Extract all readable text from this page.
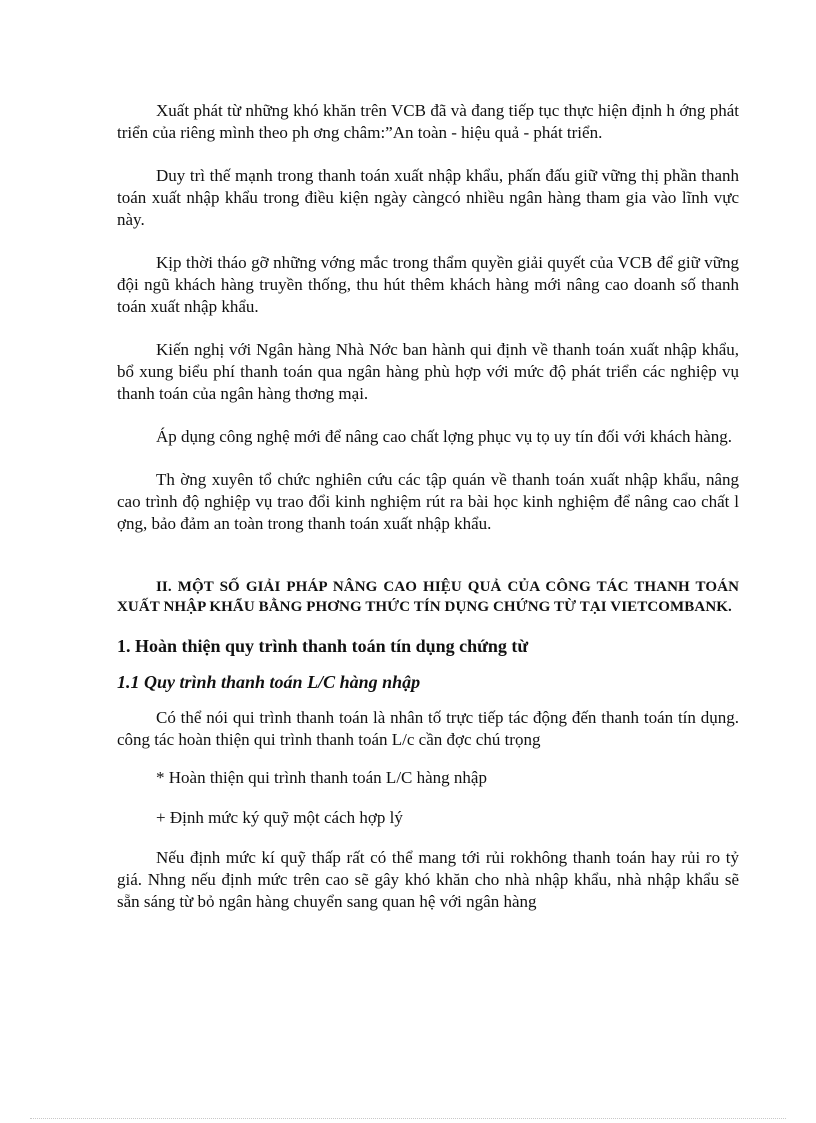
Xuất phát từ những khó khăn trên VCB đã và đang tiếp tục thực hiện định h ớng phát triển của riêng mình theo ph ơng châm:”An toàn - hiệu quả - phát triển.

Duy trì thế mạnh trong thanh toán xuất nhập khẩu, phấn đấu giữ vững thị phần thanh toán xuất nhập khẩu trong điều kiện ngày càngcó nhiều ngân hàng tham gia vào lĩnh vực này.

Kịp thời tháo gỡ những vớng mắc trong thẩm quyền giải quyết của VCB để giữ vững đội ngũ khách hàng truyền thống, thu hút thêm khách hàng mới nâng cao doanh số thanh toán xuất nhập khẩu.

Kiến nghị với Ngân hàng Nhà Nớc ban hành qui định về thanh toán xuất nhập khẩu, bổ xung biểu phí thanh toán qua ngân hàng phù hợp với mức độ phát triển các nghiệp vụ thanh toán của ngân hàng thơng mại.

Áp dụng công nghệ mới để nâng cao chất lợng phục vụ tọ uy tín đối với khách hàng.

Th ờng xuyên tổ chức nghiên cứu các tập quán về thanh toán xuất nhập khẩu, nâng cao trình độ nghiệp vụ trao đổi kinh nghiệm rút ra bài học kinh nghiệm để nâng cao chất l ợng, bảo đảm an toàn trong thanh toán xuất nhập khẩu.

II. MỘT SỐ GIẢI PHÁP NÂNG CAO HIỆU QUẢ CỦA CÔNG TÁC THANH TOÁN XUẤT NHẬP KHẨU BẰNG PHƠNG THỨC TÍN DỤNG CHỨNG TỪ TẠI VIETCOMBANK.
1. Hoàn thiện quy trình thanh toán tín dụng chứng từ
1.1 Quy trình thanh toán L/C hàng nhập

Có thể nói qui trình thanh toán là nhân tố trực tiếp tác động đến thanh toán tín dụng. công tác hoàn thiện qui trình thanh toán L/c cần đợc chú trọng

* Hoàn thiện qui trình thanh toán L/C hàng nhập

+ Định mức ký quỹ một cách hợp lý

Nếu định mức kí quỹ thấp rất có thể mang tới rủi rokhông thanh toán hay rủi ro tỷ giá. Nhng nếu định mức trên cao sẽ gây khó khăn cho nhà nhập khẩu, nhà nhập khẩu sẽ sẵn sáng từ bỏ ngân hàng chuyển sang quan hệ với ngân hàng
